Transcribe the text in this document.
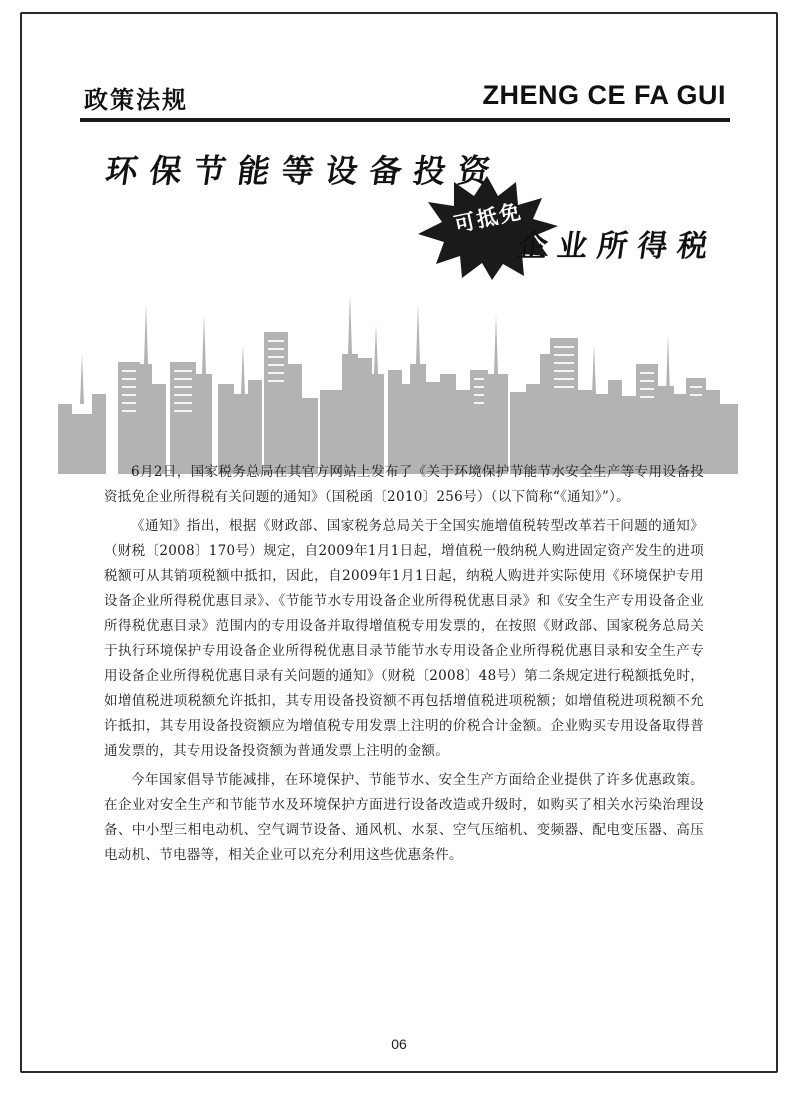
政策法规	ZHENG CE FA GUI
环保节能等设备投资
可抵免
企业所得税

6月2日，国家税务总局在其官方网站上发布了《关于环境保护节能节水安全生产等专用设备投资抵免企业所得税有关问题的通知》（国税函〔2010〕256号）（以下简称“《通知》”）。

《通知》指出，根据《财政部、国家税务总局关于全国实施增值税转型改革若干问题的通知》（财税〔2008〕170号）规定，自2009年1月1日起，增值税一般纳税人购进固定资产发生的进项税额可从其销项税额中抵扣，因此，自2009年1月1日起，纳税人购进并实际使用《环境保护专用设备企业所得税优惠目录》、《节能节水专用设备企业所得税优惠目录》和《安全生产专用设备企业所得税优惠目录》范围内的专用设备并取得增值税专用发票的，在按照《财政部、国家税务总局关于执行环境保护专用设备企业所得税优惠目录节能节水专用设备企业所得税优惠目录和安全生产专用设备企业所得税优惠目录有关问题的通知》（财税〔2008〕48号）第二条规定进行税额抵免时，如增值税进项税额允许抵扣，其专用设备投资额不再包括增值税进项税额；如增值税进项税额不允许抵扣，其专用设备投资额应为增值税专用发票上注明的价税合计金额。企业购买专用设备取得普通发票的，其专用设备投资额为普通发票上注明的金额。

今年国家倡导节能减排，在环境保护、节能节水、安全生产方面给企业提供了许多优惠政策。在企业对安全生产和节能节水及环境保护方面进行设备改造或升级时，如购买了相关水污染治理设备、中小型三相电动机、空气调节设备、通风机、水泵、空气压缩机、变频器、配电变压器、高压电动机、节电器等，相关企业可以充分利用这些优惠条件。

06
